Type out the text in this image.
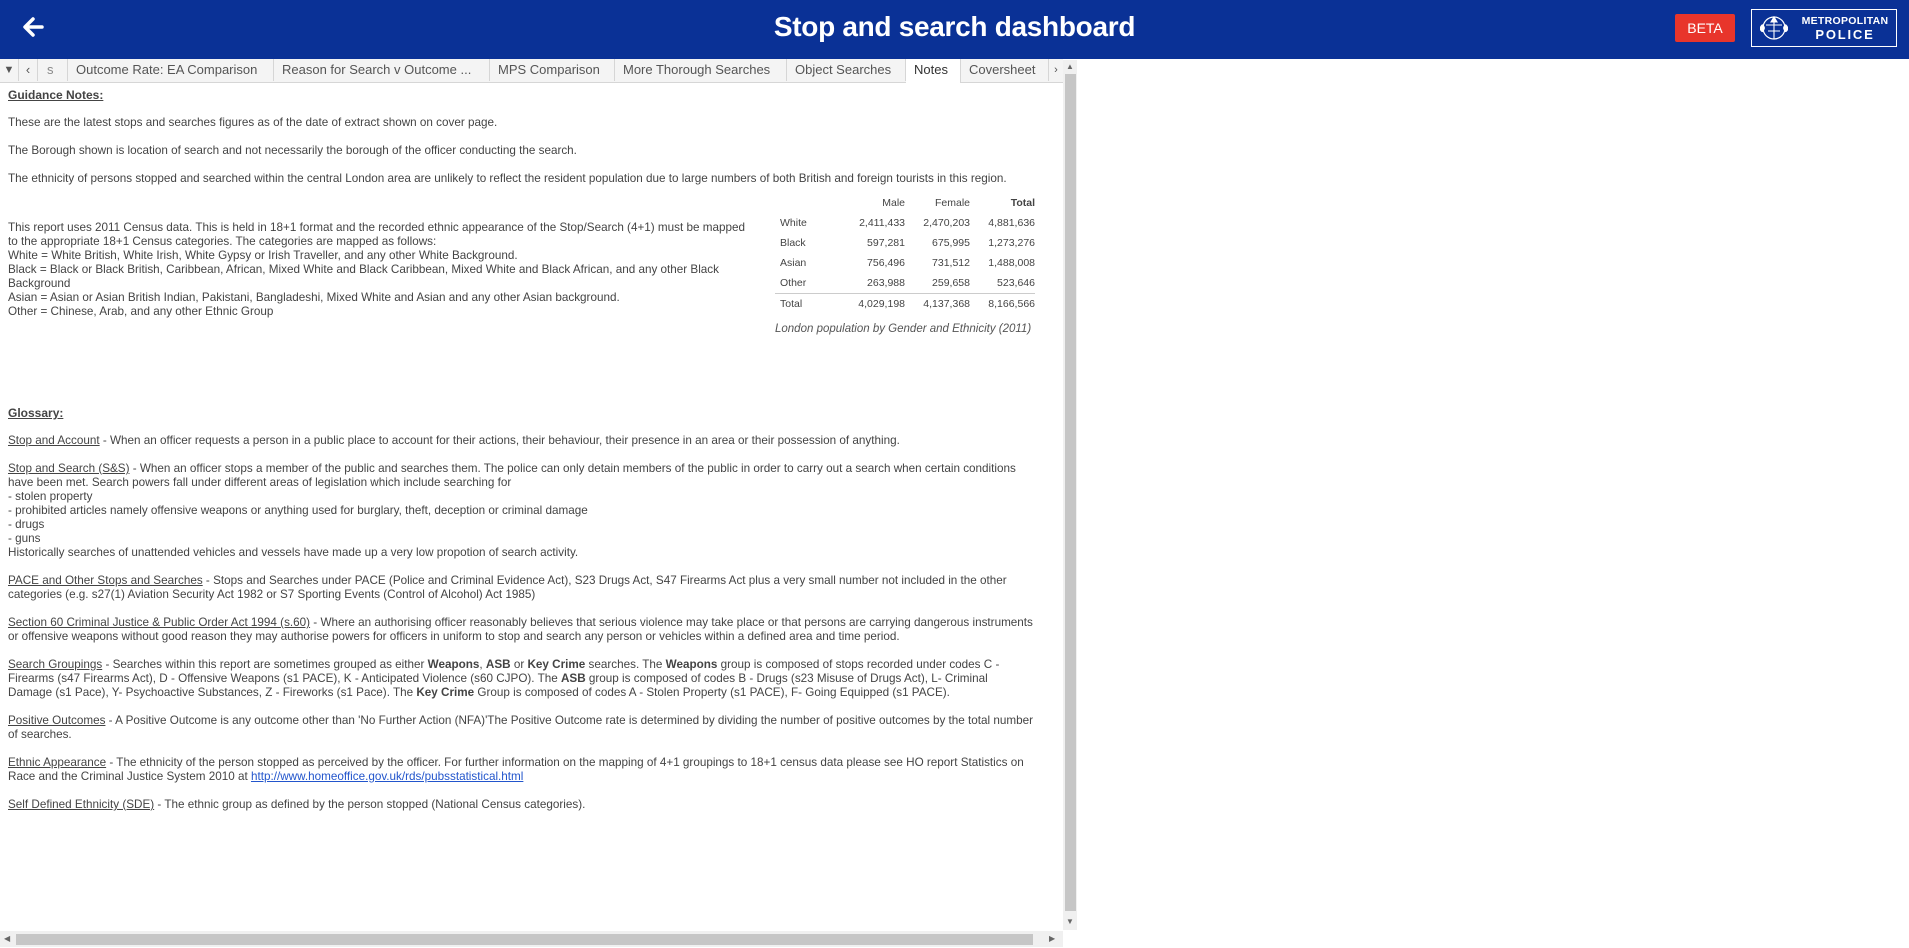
Stop and search dashboard	BETA	METROPOLITAN
POLICE
▼ ‹	s	Outcome Rate: EA Comparison	Reason for Search v Outcome ...	MPS Comparison	More Thorough Searches	Object Searches	Notes	Coversheet	›
Guidance Notes:
These are the latest stops and searches figures as of the date of extract shown on cover page.
The Borough shown is location of search and not necessarily the borough of the officer conducting the search.
The ethnicity of persons stopped and searched within the central London area are unlikely to reflect the resident population due to large numbers of both British and foreign tourists in this region.
This report uses 2011 Census data. This is held in 18+1 format and the recorded ethnic appearance of the Stop/Search (4+1) must be mapped
to the appropriate 18+1 Census categories. The categories are mapped as follows:
White = White British, White Irish, White Gypsy or Irish Traveller, and any other White Background.
Black = Black or Black British, Caribbean, African, Mixed White and Black Caribbean, Mixed White and Black African, and any other Black
Background
Asian = Asian or Asian British Indian, Pakistani, Bangladeshi, Mixed White and Asian and any other Asian background.
Other = Chinese, Arab, and any other Ethnic Group
	Male	Female	Total
White	2,411,433	2,470,203	4,881,636
Black	597,281	675,995	1,273,276
Asian	756,496	731,512	1,488,008
Other	263,988	259,658	523,646
Total	4,029,198	4,137,368	8,166,566
London population by Gender and Ethnicity (2011)
Glossary:
Stop and Account - When an officer requests a person in a public place to account for their actions, their behaviour, their presence in an area or their possession of anything.
Stop and Search (S&S) - When an officer stops a member of the public and searches them. The police can only detain members of the public in order to carry out a search when certain conditions
have been met. Search powers fall under different areas of legislation which include searching for
- stolen property
- prohibited articles namely offensive weapons or anything used for burglary, theft, deception or criminal damage
- drugs
- guns
Historically searches of unattended vehicles and vessels have made up a very low propotion of search activity.
PACE and Other Stops and Searches - Stops and Searches under PACE (Police and Criminal Evidence Act), S23 Drugs Act, S47 Firearms Act plus a very small number not included in the other
categories (e.g. s27(1) Aviation Security Act 1982 or S7 Sporting Events (Control of Alcohol) Act 1985)
Section 60 Criminal Justice & Public Order Act 1994 (s.60) - Where an authorising officer reasonably believes that serious violence may take place or that persons are carrying dangerous instruments
or offensive weapons without good reason they may authorise powers for officers in uniform to stop and search any person or vehicles within a defined area and time period.
Search Groupings - Searches within this report are sometimes grouped as either Weapons, ASB or Key Crime searches. The Weapons group is composed of stops recorded under codes C -
Firearms (s47 Firearms Act), D - Offensive Weapons (s1 PACE), K - Anticipated Violence (s60 CJPO). The ASB group is composed of codes B - Drugs (s23 Misuse of Drugs Act), L- Criminal
Damage (s1 Pace), Y- Psychoactive Substances, Z - Fireworks (s1 Pace). The Key Crime Group is composed of codes A - Stolen Property (s1 PACE), F- Going Equipped (s1 PACE).
Positive Outcomes - A Positive Outcome is any outcome other than 'No Further Action (NFA)'The Positive Outcome rate is determined by dividing the number of positive outcomes by the total number
of searches.
Ethnic Appearance - The ethnicity of the person stopped as perceived by the officer. For further information on the mapping of 4+1 groupings to 18+1 census data please see HO report Statistics on
Race and the Criminal Justice System 2010 at http://www.homeoffice.gov.uk/rds/pubsstatistical.html
Self Defined Ethnicity (SDE) - The ethnic group as defined by the person stopped (National Census categories).
▲
▼
◀	▶
